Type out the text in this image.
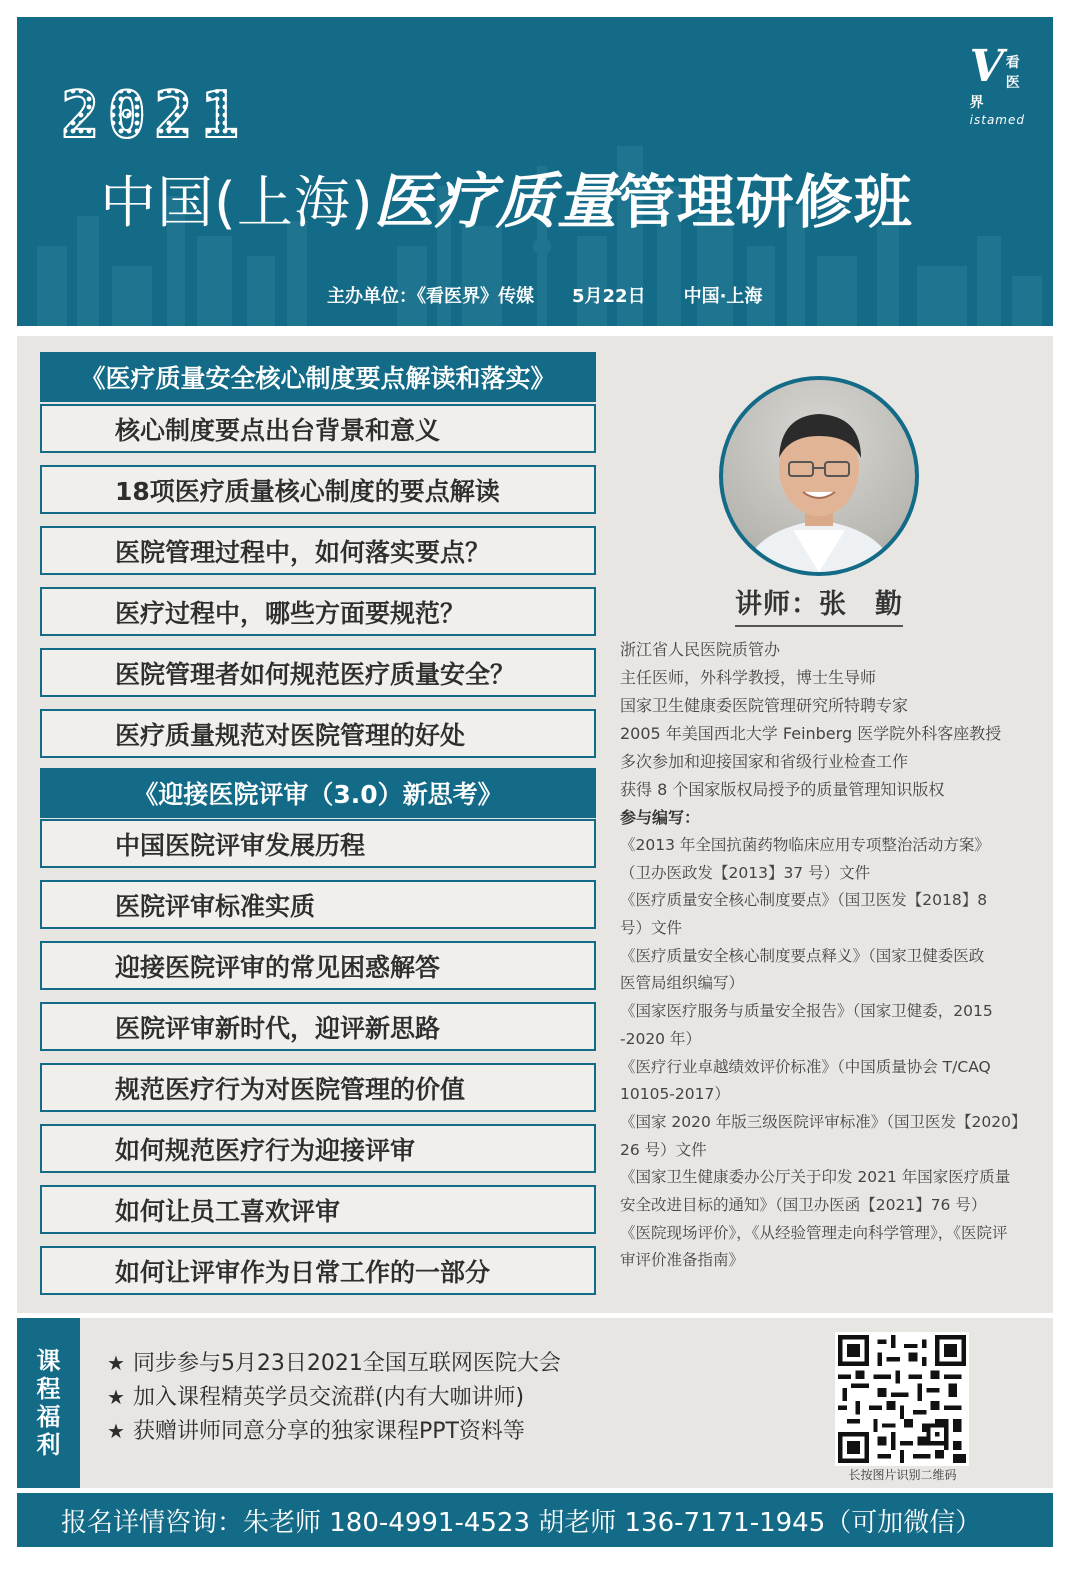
V 看医界
istamed
2021
中国(上海)医疗质量管理研修班
主办单位：《看医界》传媒 5月22日 中国·上海
《医疗质量安全核心制度要点解读和落实》
核心制度要点出台背景和意义
18项医疗质量核心制度的要点解读
医院管理过程中，如何落实要点？
医疗过程中，哪些方面要规范？
医院管理者如何规范医疗质量安全？
医疗质量规范对医院管理的好处
《迎接医院评审（3.0）新思考》
中国医院评审发展历程
医院评审标准实质
迎接医院评审的常见困惑解答
医院评审新时代，迎评新思路
规范医疗行为对医院管理的价值
如何规范医疗行为迎接评审
如何让员工喜欢评审
如何让评审作为日常工作的一部分
讲师：张　勤
浙江省人民医院质管办
主任医师，外科学教授，博士生导师
国家卫生健康委医院管理研究所特聘专家
2005 年美国西北大学 Feinberg 医学院外科客座教授
多次参加和迎接国家和省级行业检查工作
获得 8 个国家版权局授予的质量管理知识版权
参与编写：
《2013 年全国抗菌药物临床应用专项整治活动方案》
（卫办医政发【2013】37 号）文件
《医疗质量安全核心制度要点》（国卫医发【2018】8
号）文件
《医疗质量安全核心制度要点释义》（国家卫健委医政
医管局组织编写）
《国家医疗服务与质量安全报告》（国家卫健委，2015
-2020 年）
《医疗行业卓越绩效评价标准》（中国质量协会 T/CAQ
10105-2017）
《国家 2020 年版三级医院评审标准》（国卫医发【2020】
26 号）文件
《国家卫生健康委办公厅关于印发 2021 年国家医疗质量
安全改进目标的通知》（国卫办医函【2021】76 号）
《医院现场评价》，《从经验管理走向科学管理》，《医院评
审评价准备指南》
课
程
福
利
★ 同步参与5月23日2021全国互联网医院大会
★ 加入课程精英学员交流群(内有大咖讲师)
★ 获赠讲师同意分享的独家课程PPT资料等
长按图片识别二维码
报名详情咨询：朱老师 180-4991-4523 胡老师 136-7171-1945（可加微信）
